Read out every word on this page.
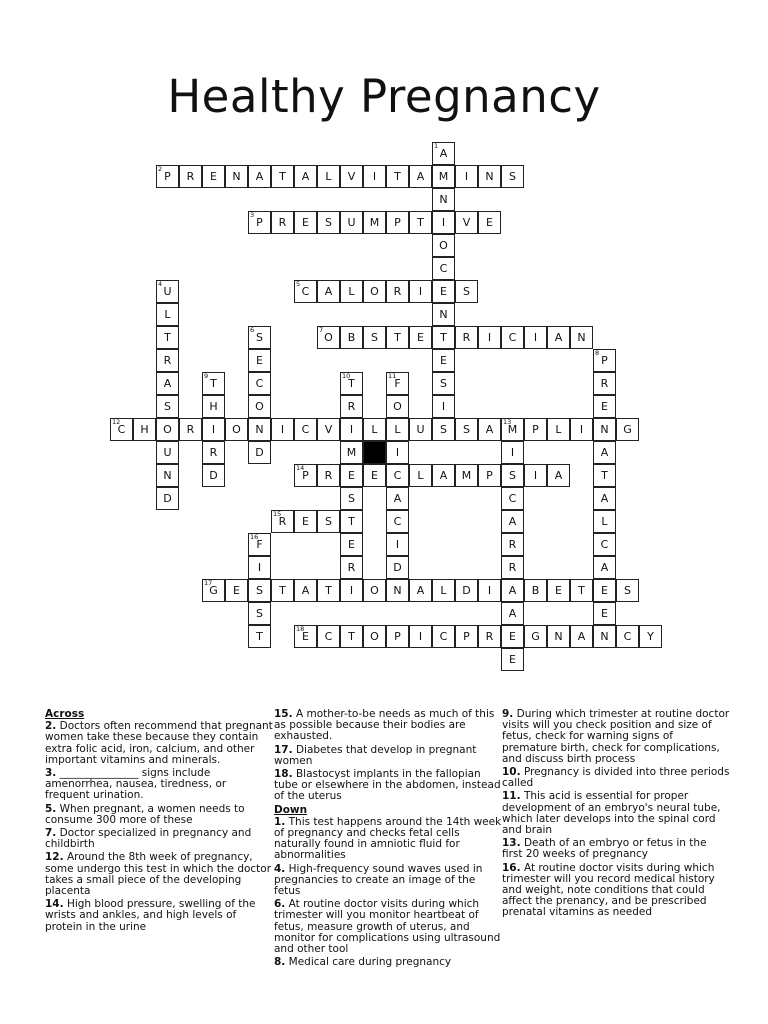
Healthy Pregnancy
1
A
M
N
I
O
C
E
N
T
E
S
I
S
2
P	R	E	N	A	T	A	L	V	I	T	A	I	N	S
3
P	R	E	S	U	M	P	T	V	E
4
U
L
T
R
A
S
O
U
N
D
5
C	A	L	O	R	I	S
6
S
E
C
O
N
D
7
O	B	S	T	E	R	I	C	I	A	N
8
P
R
E
N
A
T
A
L
C
A
E
E
9
T
H
I
R
D
10
T
R
I
M
E
S
T
E
R
11
F
O
L
I
C
A
C
I
D
12
C	H	R	O	I	C	V	L	U	S	A
13
M	P	L	I	G
I
S
C
A
R
R
A
A
E
E
14
P	R	E	L	A	M	P	I	A
15
R	E	S
16
F
I
S
S
T
17
G	E	T	A	T	I	O	N	A	L	D	I	B	E	T	S
18
E	C	T	O	P	I	C	P	R	G	N	A	N	C	Y
Across

2. Doctors often recommend that pregnant women take these because they contain extra folic acid, iron, calcium, and other important vitamins and minerals.

3. _______________ signs include amenorrhea, nausea, tiredness, or frequent urination.

5. When pregnant, a women needs to consume 300 more of these

7. Doctor specialized in pregnancy and childbirth

12. Around the 8th week of pregnancy, some undergo this test in which the doctor takes a small piece of the developing placenta

14. High blood pressure, swelling of the wrists and ankles, and high levels of protein in the urine

15. A mother-to-be needs as much of this as possible because their bodies are exhausted.

17. Diabetes that develop in pregnant women

18. Blastocyst implants in the fallopian tube or elsewhere in the abdomen, instead of the uterus

Down

1. This test happens around the 14th week of pregnancy and checks fetal cells naturally found in amniotic fluid for abnormalities

4. High-frequency sound waves used in pregnancies to create an image of the fetus

6. At routine doctor visits during which trimester will you monitor heartbeat of fetus, measure growth of uterus, and monitor for complications using ultrasound and other tool

8. Medical care during pregnancy

9. During which trimester at routine doctor visits will you check position and size of fetus, check for warning signs of premature birth, check for complications, and discuss birth process

10. Pregnancy is divided into three periods called

11. This acid is essential for proper development of an embryo's neural tube, which later develops into the spinal cord and brain

13. Death of an embryo or fetus in the first 20 weeks of pregnancy

16. At routine doctor visits during which trimester will you record medical history and weight, note conditions that could affect the prenancy, and be prescribed prenatal vitamins as needed
